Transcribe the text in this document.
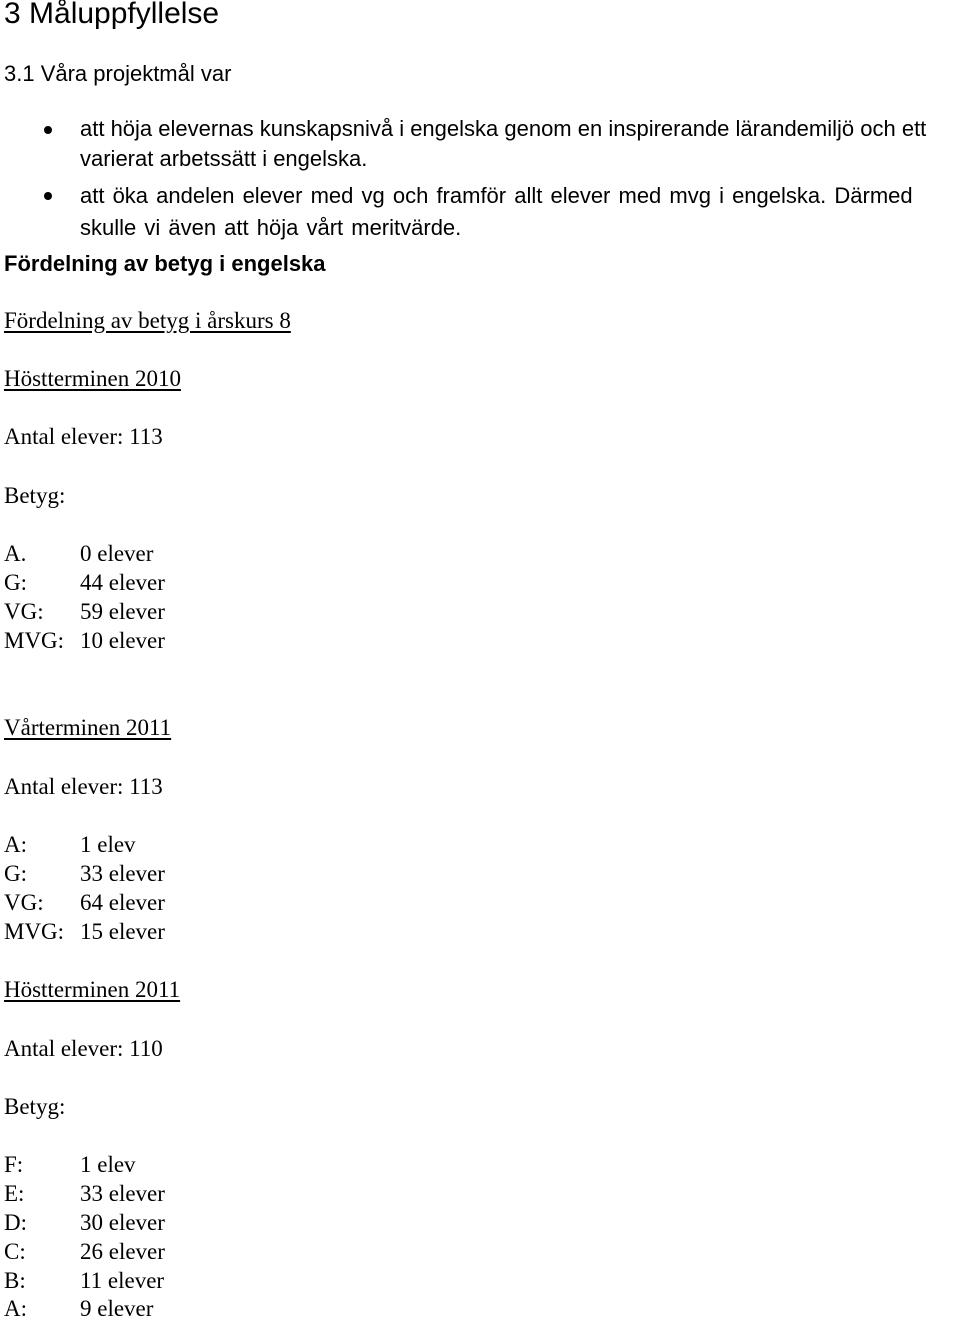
3 Måluppfyllelse
3.1 Våra projektmål var
att höja elevernas kunskapsnivå i engelska genom en inspirerande lärandemiljö och ett
varierat arbetssätt i engelska.
att öka andelen elever med vg och framför allt elever med mvg i engelska. Därmed
skulle vi även att höja vårt meritvärde.
Fördelning av betyg i engelska
Fördelning av betyg i årskurs 8
Höstterminen 2010
Antal elever: 113
Betyg:
A. 0 elever
G: 44 elever
VG: 59 elever
MVG: 10 elever
Vårterminen 2011
Antal elever: 113
A: 1 elev
G: 33 elever
VG: 64 elever
MVG: 15 elever
Höstterminen 2011
Antal elever: 110
Betyg:
F: 1 elev
E: 33 elever
D: 30 elever
C: 26 elever
B: 11 elever
A: 9 elever
